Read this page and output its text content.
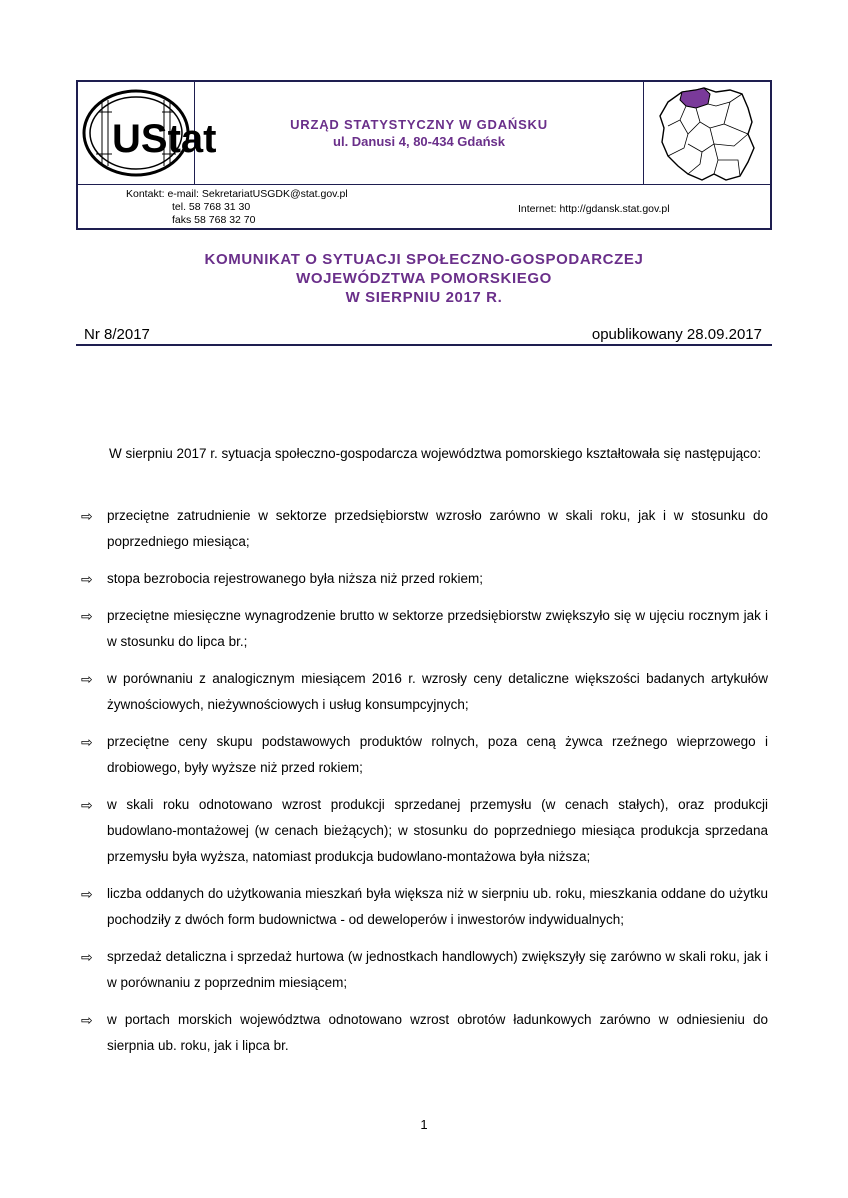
UStat	URZĄD STATYSTYCZNY W GDAŃSKU
ul. Danusi 4, 80-434 Gdańsk
Kontakt: e-mail: SekretariatUSGDK@stat.gov.pl
tel. 58 768 31 30
faks 58 768 32 70
Internet: http://gdansk.stat.gov.pl
KOMUNIKAT O SYTUACJI SPOŁECZNO-GOSPODARCZEJ
WOJEWÓDZTWA POMORSKIEGO
W SIERPNIU 2017 R.
Nr 8/2017	opublikowany 28.09.2017
W sierpniu 2017 r. sytuacja społeczno-gospodarcza województwa pomorskiego kształtowała się następująco:
⇨ przeciętne zatrudnienie w sektorze przedsiębiorstw wzrosło zarówno w skali roku, jak i w stosunku do poprzedniego miesiąca;
⇨ stopa bezrobocia rejestrowanego była niższa niż przed rokiem;
⇨ przeciętne miesięczne wynagrodzenie brutto w sektorze przedsiębiorstw zwiększyło się w ujęciu rocznym jak i w stosunku do lipca br.;
⇨ w porównaniu z analogicznym miesiącem 2016 r. wzrosły ceny detaliczne większości badanych artykułów żywnościowych, nieżywnościowych i usług konsumpcyjnych;
⇨ przeciętne ceny skupu podstawowych produktów rolnych, poza ceną żywca rzeźnego wieprzowego i drobiowego, były wyższe niż przed rokiem;
⇨ w skali roku odnotowano wzrost produkcji sprzedanej przemysłu (w cenach stałych), oraz produkcji budowlano-montażowej (w cenach bieżących); w stosunku do poprzedniego miesiąca produkcja sprzedana przemysłu była wyższa, natomiast produkcja budowlano-montażowa była niższa;
⇨ liczba oddanych do użytkowania mieszkań była większa niż w sierpniu ub. roku, mieszkania oddane do użytku pochodziły z dwóch form budownictwa - od deweloperów i inwestorów indywidualnych;
⇨ sprzedaż detaliczna i sprzedaż hurtowa (w jednostkach handlowych) zwiększyły się zarówno w skali roku, jak i w porównaniu z poprzednim miesiącem;
⇨ w portach morskich województwa odnotowano wzrost obrotów ładunkowych zarówno w odniesieniu do sierpnia ub. roku, jak i lipca br.
1
